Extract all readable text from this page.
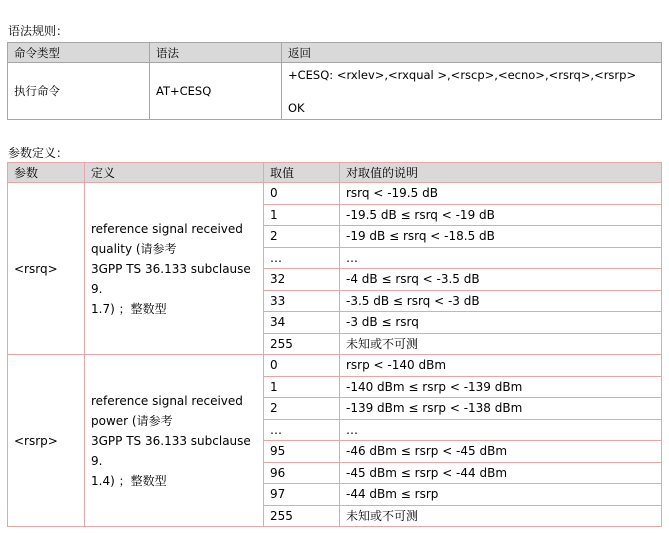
语法规则：
命令类型	语法	返回
执行命令	AT+CESQ	+CESQ: <rxlev>,<rxqual >,<rscp>,<ecno>,<rsrq>,<rsrp>
OK
参数定义：
参数	定义	取值	对取值的说明
<rsrq>	reference signal received
quality (请参考
3GPP TS 36.133 subclause 9.
1.7) ；整数型	0	rsrq < -19.5 dB
		1	-19.5 dB ≤ rsrq < -19 dB
		2	-19 dB ≤ rsrq < -18.5 dB
		…	…
		32	-4 dB ≤ rsrq < -3.5 dB
		33	-3.5 dB ≤ rsrq < -3 dB
		34	-3 dB ≤ rsrq
		255	未知或不可测
<rsrp>	reference signal received
power (请参考
3GPP TS 36.133 subclause 9.
1.4) ；整数型	0	rsrp < -140 dBm
		1	-140 dBm ≤ rsrp < -139 dBm
		2	-139 dBm ≤ rsrp < -138 dBm
		…	…
		95	-46 dBm ≤ rsrp < -45 dBm
		96	-45 dBm ≤ rsrp < -44 dBm
		97	-44 dBm ≤ rsrp
		255	未知或不可测
